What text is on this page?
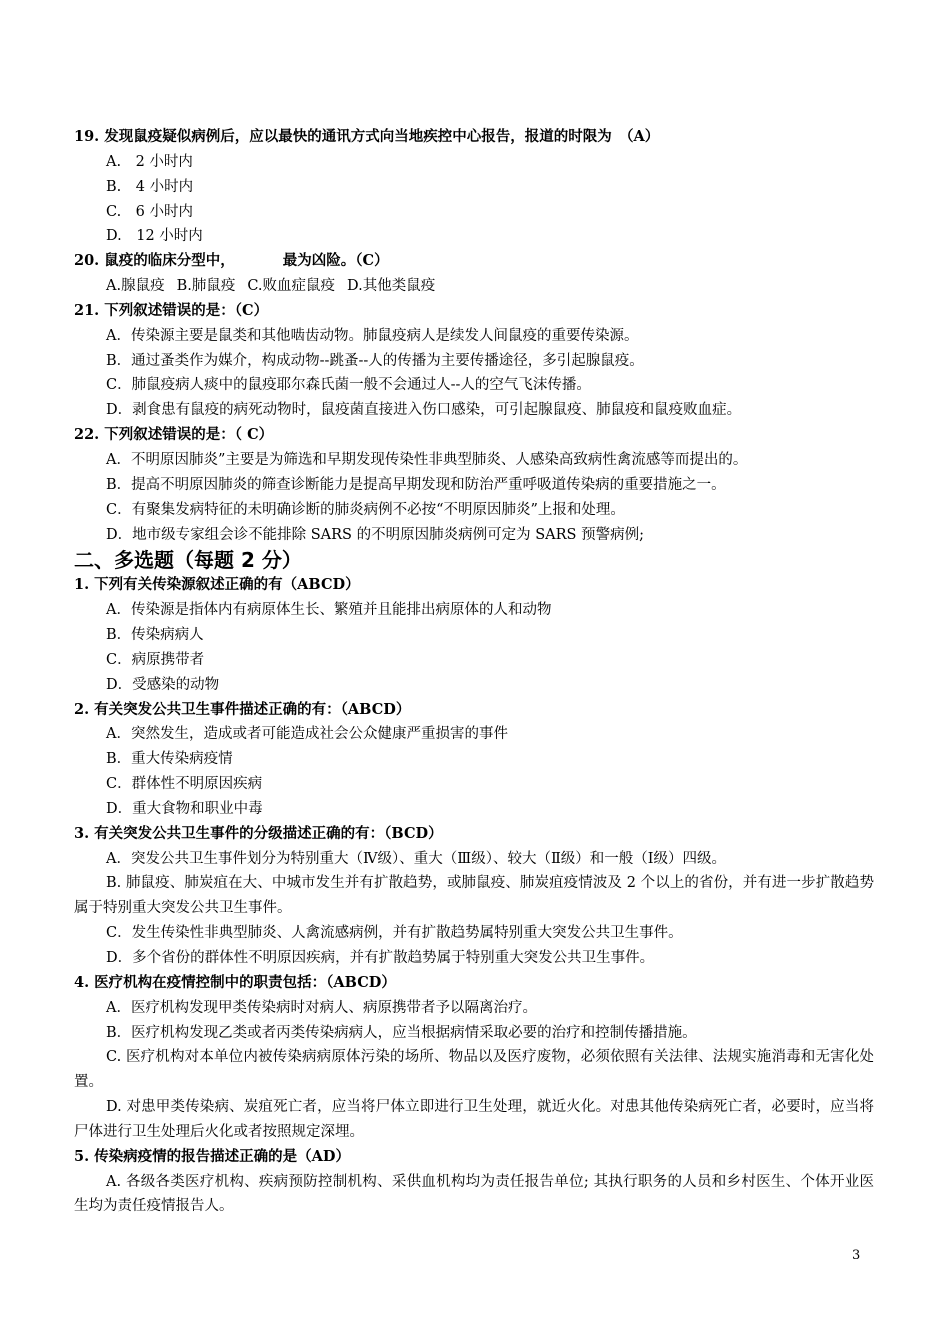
19. 发现鼠疫疑似病例后，应以最快的通讯方式向当地疾控中心报告，报道的时限为　（A）
A.　2 小时内
B.　4 小时内
C.　6 小时内
D.　12 小时内
20. 鼠疫的临床分型中，	最为凶险。（C）
A.腺鼠疫 B.肺鼠疫 C.败血症鼠疫 D.其他类鼠疫
21. 下列叙述错误的是：（C）
A．传染源主要是鼠类和其他啮齿动物。肺鼠疫病人是续发人间鼠疫的重要传染源。
B．通过蚤类作为媒介，构成动物--跳蚤--人的传播为主要传播途径，多引起腺鼠疫。
C．肺鼠疫病人痰中的鼠疫耶尔森氏菌一般不会通过人--人的空气飞沫传播。
D．剥食患有鼠疫的病死动物时，鼠疫菌直接进入伤口感染，可引起腺鼠疫、肺鼠疫和鼠疫败血症。
22. 下列叙述错误的是：（ C）
A．不明原因肺炎”主要是为筛选和早期发现传染性非典型肺炎、人感染高致病性禽流感等而提出的。
B．提高不明原因肺炎的筛查诊断能力是提高早期发现和防治严重呼吸道传染病的重要措施之一。
C．有聚集发病特征的未明确诊断的肺炎病例不必按“不明原因肺炎”上报和处理。
D．地市级专家组会诊不能排除 SARS 的不明原因肺炎病例可定为 SARS 预警病例;
二、多选题（每题 2 分）
1. 下列有关传染源叙述正确的有（ABCD）
A．传染源是指体内有病原体生长、繁殖并且能排出病原体的人和动物
B．传染病病人
C．病原携带者
D．受感染的动物
2. 有关突发公共卫生事件描述正确的有：（ABCD）
A．突然发生，造成或者可能造成社会公众健康严重损害的事件
B．重大传染病疫情
C．群体性不明原因疾病
D．重大食物和职业中毒
3. 有关突发公共卫生事件的分级描述正确的有：（BCD）
A．突发公共卫生事件划分为特别重大（Ⅳ级）、重大（Ⅲ级）、较大（Ⅱ级）和一般（Ⅰ级）四级。
B. 肺鼠疫、肺炭疽在大、中城市发生并有扩散趋势，或肺鼠疫、肺炭疽疫情波及 2 个以上的省份，并有进一步扩散趋势属于特别重大突发公共卫生事件。
C．发生传染性非典型肺炎、人禽流感病例，并有扩散趋势属特别重大突发公共卫生事件。
D．多个省份的群体性不明原因疾病，并有扩散趋势属于特别重大突发公共卫生事件。
4. 医疗机构在疫情控制中的职责包括：（ABCD）
A．医疗机构发现甲类传染病时对病人、病原携带者予以隔离治疗。
B．医疗机构发现乙类或者丙类传染病病人，应当根据病情采取必要的治疗和控制传播措施。
C. 医疗机构对本单位内被传染病病原体污染的场所、物品以及医疗废物，必须依照有关法律、法规实施消毒和无害化处置。
D. 对患甲类传染病、炭疽死亡者，应当将尸体立即进行卫生处理，就近火化。对患其他传染病死亡者，必要时，应当将尸体进行卫生处理后火化或者按照规定深埋。
5. 传染病疫情的报告描述正确的是（AD）
A. 各级各类医疗机构、疾病预防控制机构、采供血机构均为责任报告单位; 其执行职务的人员和乡村医生、个体开业医生均为责任疫情报告人。
3
